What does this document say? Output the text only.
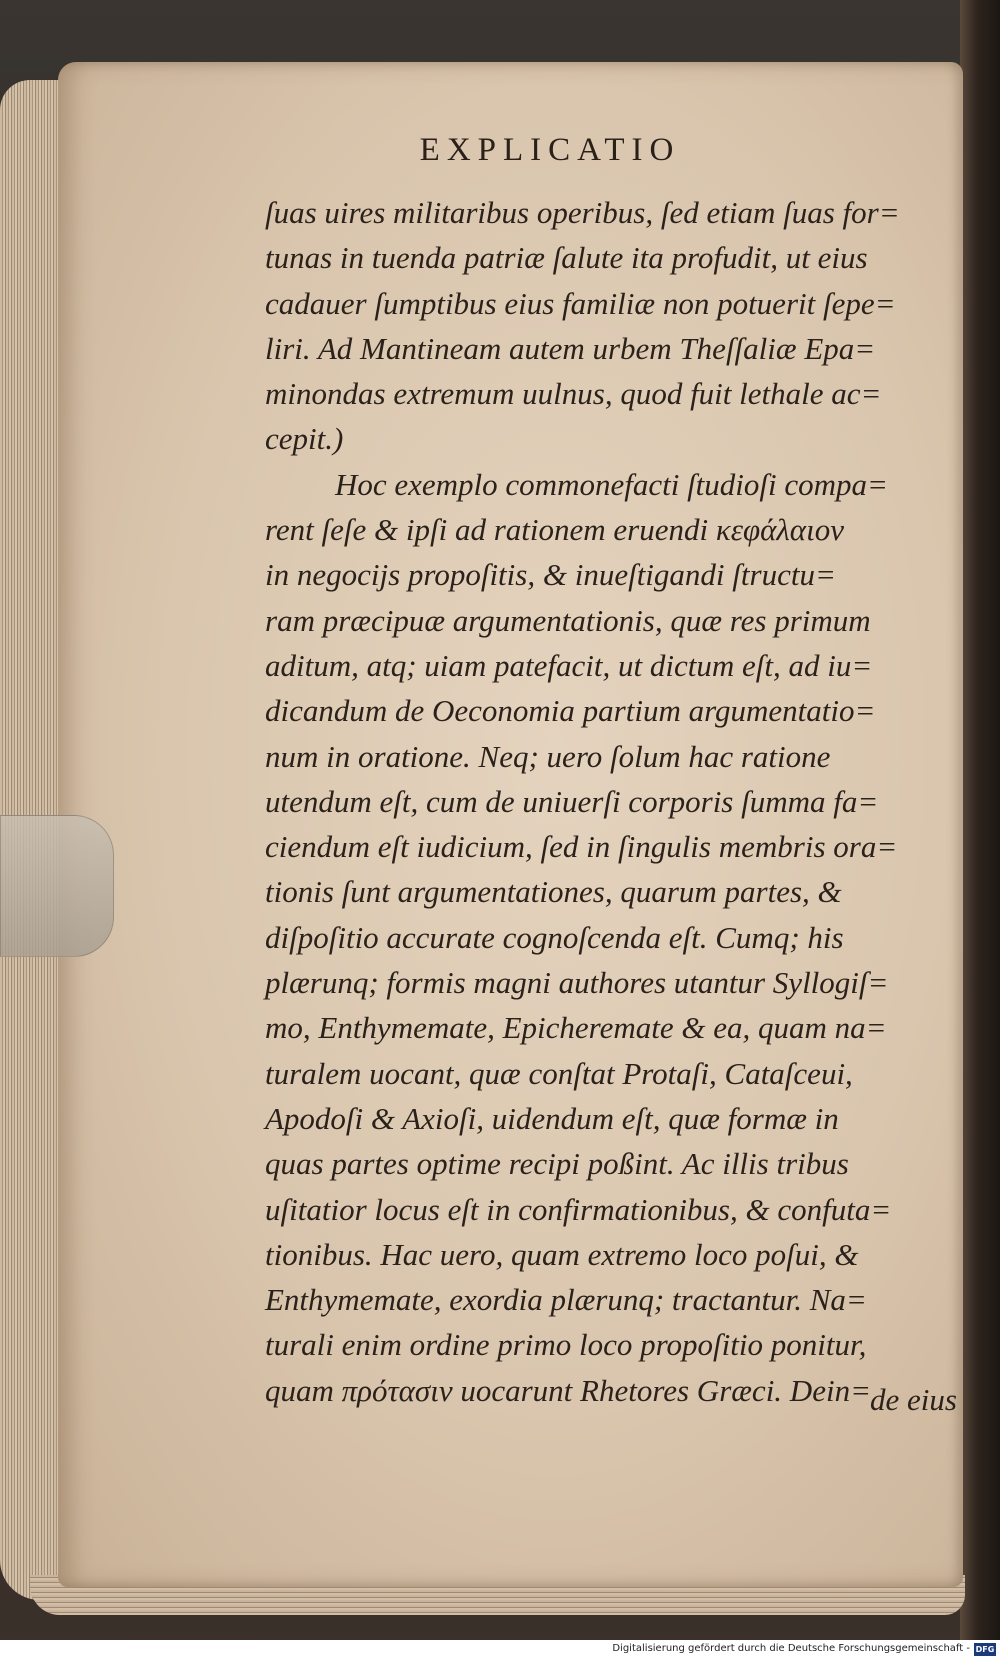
EXPLICATIO
ſuas uires militaribus operibus, ſed etiam ſuas for=
tunas in tuenda patriæ ſalute ita profudit, ut eius
cadauer ſumptibus eius familiæ non potuerit ſepe=
liri. Ad Mantineam autem urbem Theſſaliæ Epa=
minondas extremum uulnus, quod fuit lethale ac=
cepit.)
Hoc exemplo commonefacti ſtudioſi compa=
rent ſeſe & ipſi ad rationem eruendi κεφάλαιον
in negocijs propoſitis, & inueſtigandi ſtructu=
ram præcipuæ argumentationis, quæ res primum
aditum, atq; uiam patefacit, ut dictum eſt, ad iu=
dicandum de Oeconomia partium argumentatio=
num in oratione. Neq; uero ſolum hac ratione
utendum eſt, cum de uniuerſi corporis ſumma fa=
ciendum eſt iudicium, ſed in ſingulis membris ora=
tionis ſunt argumentationes, quarum partes, &
diſpoſitio accurate cognoſcenda eſt. Cumq; his
plærunq; formis magni authores utantur Syllogiſ=
mo, Enthymemate, Epicheremate & ea, quam na=
turalem uocant, quæ conſtat Protaſi, Cataſceui,
Apodoſi & Axioſi, uidendum eſt, quæ formæ in
quas partes optime recipi poßint. Ac illis tribus
uſitatior locus eſt in confirmationibus, & confuta=
tionibus. Hac uero, quam extremo loco poſui, &
Enthymemate, exordia plærunq; tractantur. Na=
turali enim ordine primo loco propoſitio ponitur,
quam πρότασιν uocarunt Rhetores Græci. Dein= de eius
Digitalisierung gefördert durch die Deutsche Forschungsgemeinschaft - DFG
